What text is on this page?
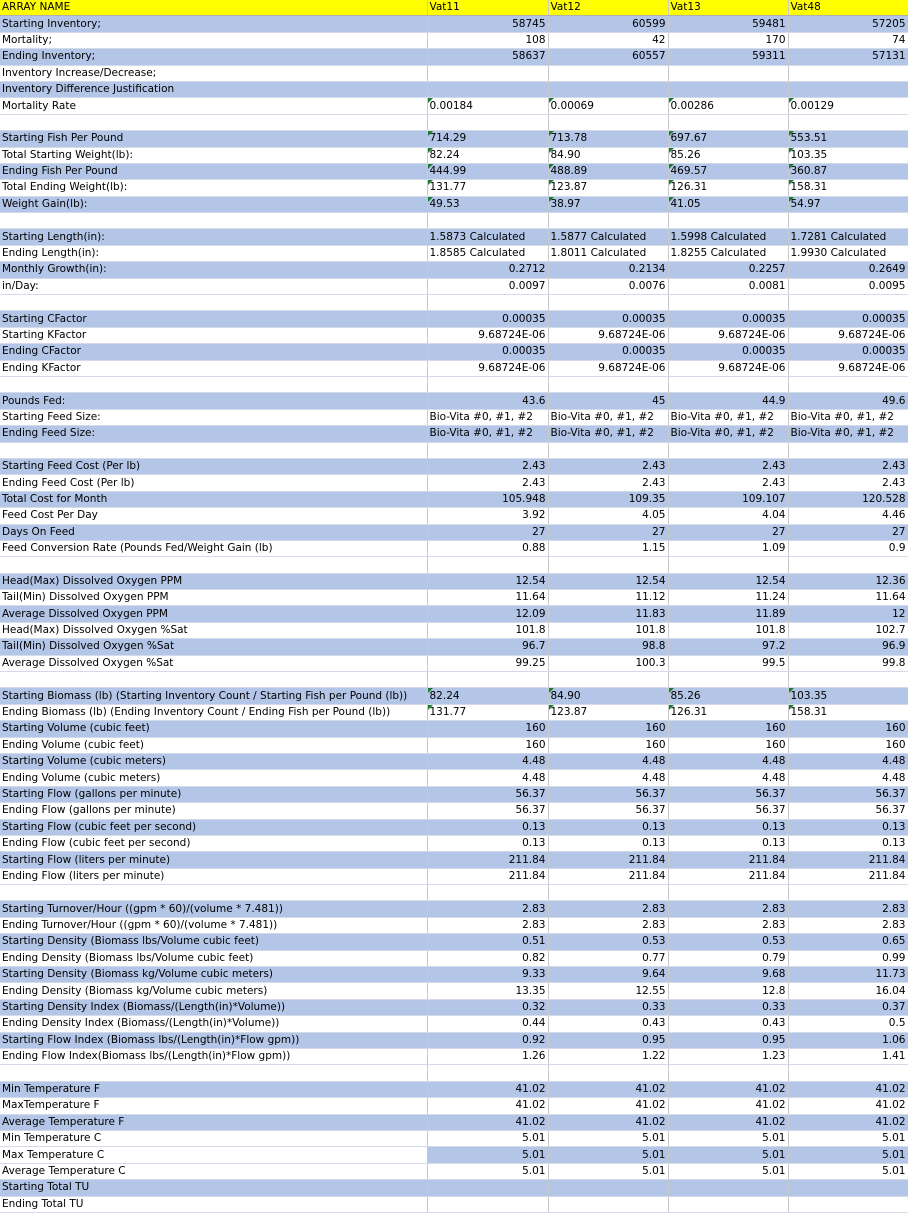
ARRAY NAME	Vat11	Vat12	Vat13	Vat48
Starting Inventory;	58745	60599	59481	57205
Mortality;	108	42	170	74
Ending Inventory;	58637	60557	59311	57131
Inventory Increase/Decrease;				
Inventory Difference Justification				
Mortality Rate	0.00184	0.00069	0.00286	0.00129

Starting Fish Per Pound	714.29	713.78	697.67	553.51
Total Starting Weight(lb):	82.24	84.90	85.26	103.35
Ending Fish Per Pound	444.99	488.89	469.57	360.87
Total Ending Weight(lb):	131.77	123.87	126.31	158.31
Weight Gain(lb):	49.53	38.97	41.05	54.97

Starting Length(in):	1.5873 Calculated	1.5877 Calculated	1.5998 Calculated	1.7281 Calculated
Ending Length(in):	1.8585 Calculated	1.8011 Calculated	1.8255 Calculated	1.9930 Calculated
Monthly Growth(in):	0.2712	0.2134	0.2257	0.2649
in/Day:	0.0097	0.0076	0.0081	0.0095

Starting CFactor	0.00035	0.00035	0.00035	0.00035
Starting KFactor	9.68724E-06	9.68724E-06	9.68724E-06	9.68724E-06
Ending CFactor	0.00035	0.00035	0.00035	0.00035
Ending KFactor	9.68724E-06	9.68724E-06	9.68724E-06	9.68724E-06

Pounds Fed:	43.6	45	44.9	49.6
Starting Feed Size:	Bio-Vita #0, #1, #2	Bio-Vita #0, #1, #2	Bio-Vita #0, #1, #2	Bio-Vita #0, #1, #2
Ending Feed Size:	Bio-Vita #0, #1, #2	Bio-Vita #0, #1, #2	Bio-Vita #0, #1, #2	Bio-Vita #0, #1, #2

Starting Feed Cost (Per lb)	2.43	2.43	2.43	2.43
Ending Feed Cost (Per lb)	2.43	2.43	2.43	2.43
Total Cost for Month	105.948	109.35	109.107	120.528
Feed Cost Per Day	3.92	4.05	4.04	4.46
Days On Feed	27	27	27	27
Feed Conversion Rate (Pounds Fed/Weight Gain (lb)	0.88	1.15	1.09	0.9

Head(Max) Dissolved Oxygen PPM	12.54	12.54	12.54	12.36
Tail(Min) Dissolved Oxygen PPM	11.64	11.12	11.24	11.64
Average Dissolved Oxygen PPM	12.09	11.83	11.89	12
Head(Max) Dissolved Oxygen %Sat	101.8	101.8	101.8	102.7
Tail(Min) Dissolved Oxygen %Sat	96.7	98.8	97.2	96.9
Average Dissolved Oxygen %Sat	99.25	100.3	99.5	99.8

Starting Biomass (lb) (Starting Inventory Count / Starting Fish per Pound (lb))	82.24	84.90	85.26	103.35
Ending Biomass (lb) (Ending Inventory Count / Ending Fish per Pound (lb))	131.77	123.87	126.31	158.31
Starting Volume (cubic feet)	160	160	160	160
Ending Volume (cubic feet)	160	160	160	160
Starting Volume (cubic meters)	4.48	4.48	4.48	4.48
Ending Volume (cubic meters)	4.48	4.48	4.48	4.48
Starting Flow (gallons per minute)	56.37	56.37	56.37	56.37
Ending Flow (gallons per minute)	56.37	56.37	56.37	56.37
Starting Flow (cubic feet per second)	0.13	0.13	0.13	0.13
Ending Flow (cubic feet per second)	0.13	0.13	0.13	0.13
Starting Flow (liters per minute)	211.84	211.84	211.84	211.84
Ending Flow (liters per minute)	211.84	211.84	211.84	211.84

Starting Turnover/Hour ((gpm * 60)/(volume * 7.481))	2.83	2.83	2.83	2.83
Ending Turnover/Hour ((gpm * 60)/(volume * 7.481))	2.83	2.83	2.83	2.83
Starting Density (Biomass lbs/Volume cubic feet)	0.51	0.53	0.53	0.65
Ending Density (Biomass lbs/Volume cubic feet)	0.82	0.77	0.79	0.99
Starting Density (Biomass kg/Volume cubic meters)	9.33	9.64	9.68	11.73
Ending Density (Biomass kg/Volume cubic meters)	13.35	12.55	12.8	16.04
Starting Density Index (Biomass/(Length(in)*Volume))	0.32	0.33	0.33	0.37
Ending Density Index (Biomass/(Length(in)*Volume))	0.44	0.43	0.43	0.5
Starting Flow Index (Biomass lbs/(Length(in)*Flow gpm))	0.92	0.95	0.95	1.06
Ending Flow Index(Biomass lbs/(Length(in)*Flow gpm))	1.26	1.22	1.23	1.41

Min Temperature F	41.02	41.02	41.02	41.02
MaxTemperature F	41.02	41.02	41.02	41.02
Average Temperature F	41.02	41.02	41.02	41.02
Min Temperature C	5.01	5.01	5.01	5.01
Max Temperature C	5.01	5.01	5.01	5.01
Average Temperature C	5.01	5.01	5.01	5.01
Starting Total TU				
Ending Total TU				
